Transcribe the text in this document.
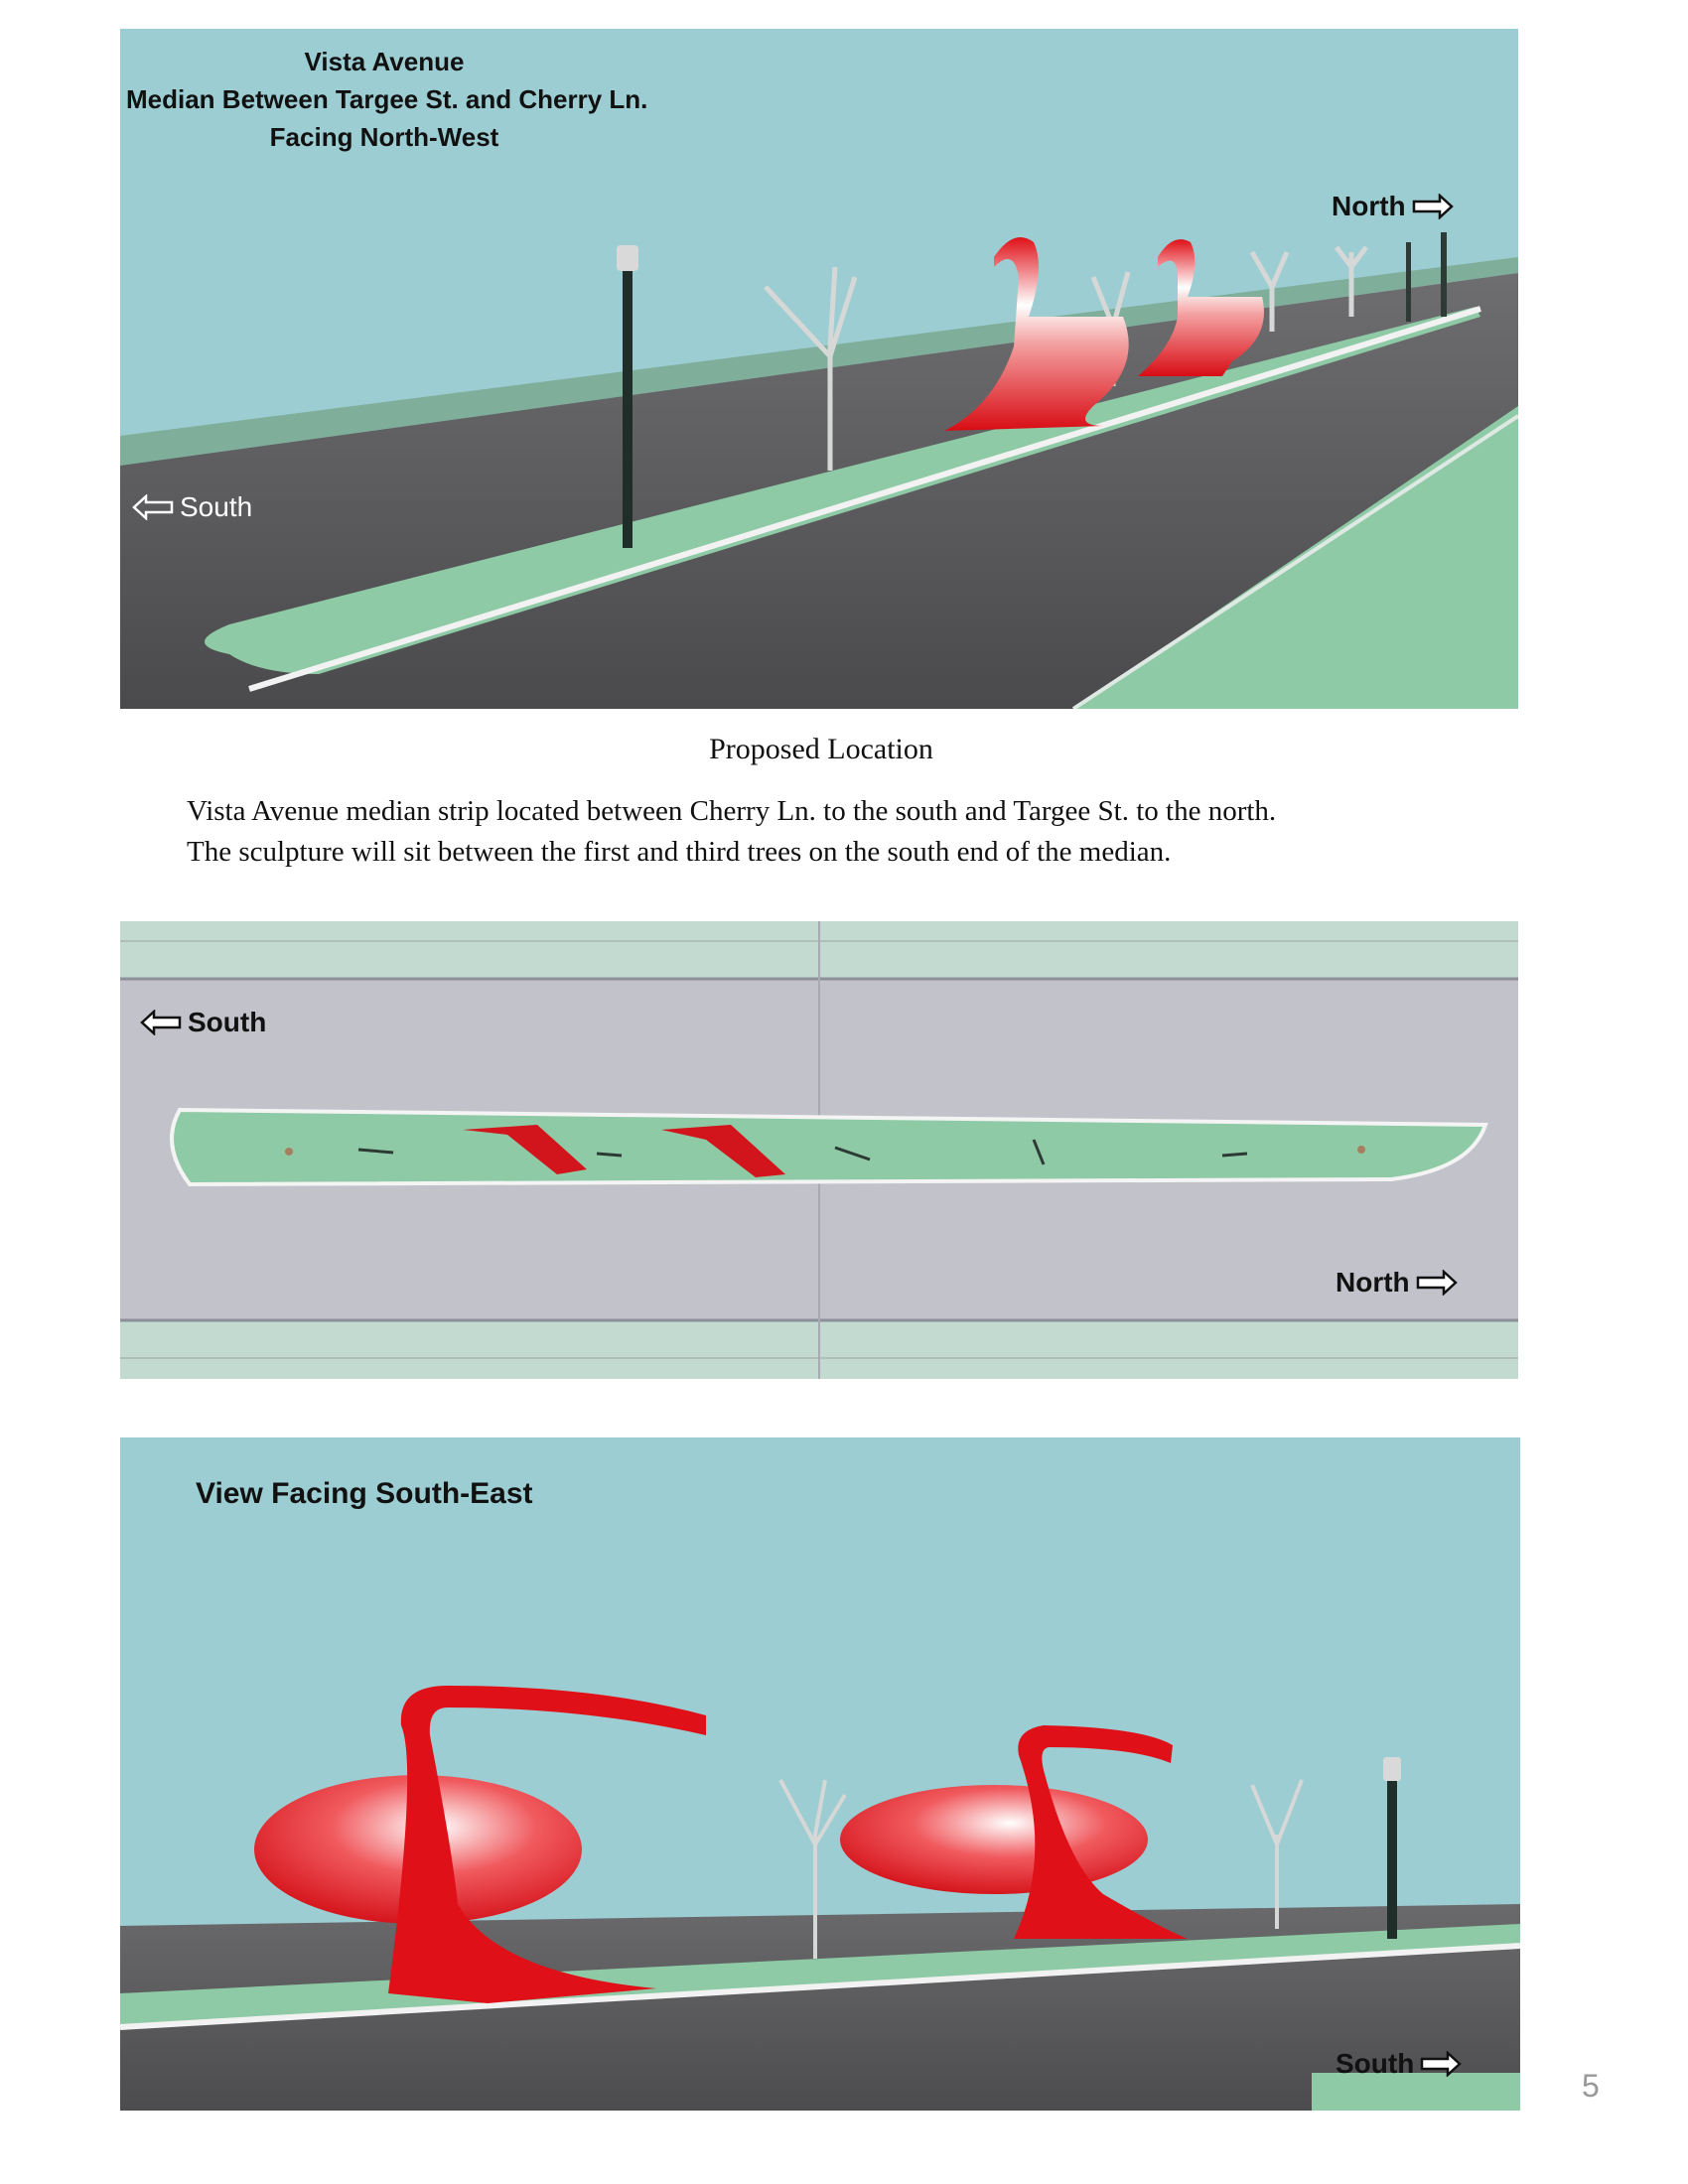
Vista Avenue
Median Between Targee St. and Cherry Ln.
Facing North-West
South
North
Proposed Location
Vista Avenue median strip located between Cherry Ln. to the south and Targee St. to the north.
The sculpture will sit between the first and third trees on the south end of the median.
South
North
View Facing South-East
South
5
